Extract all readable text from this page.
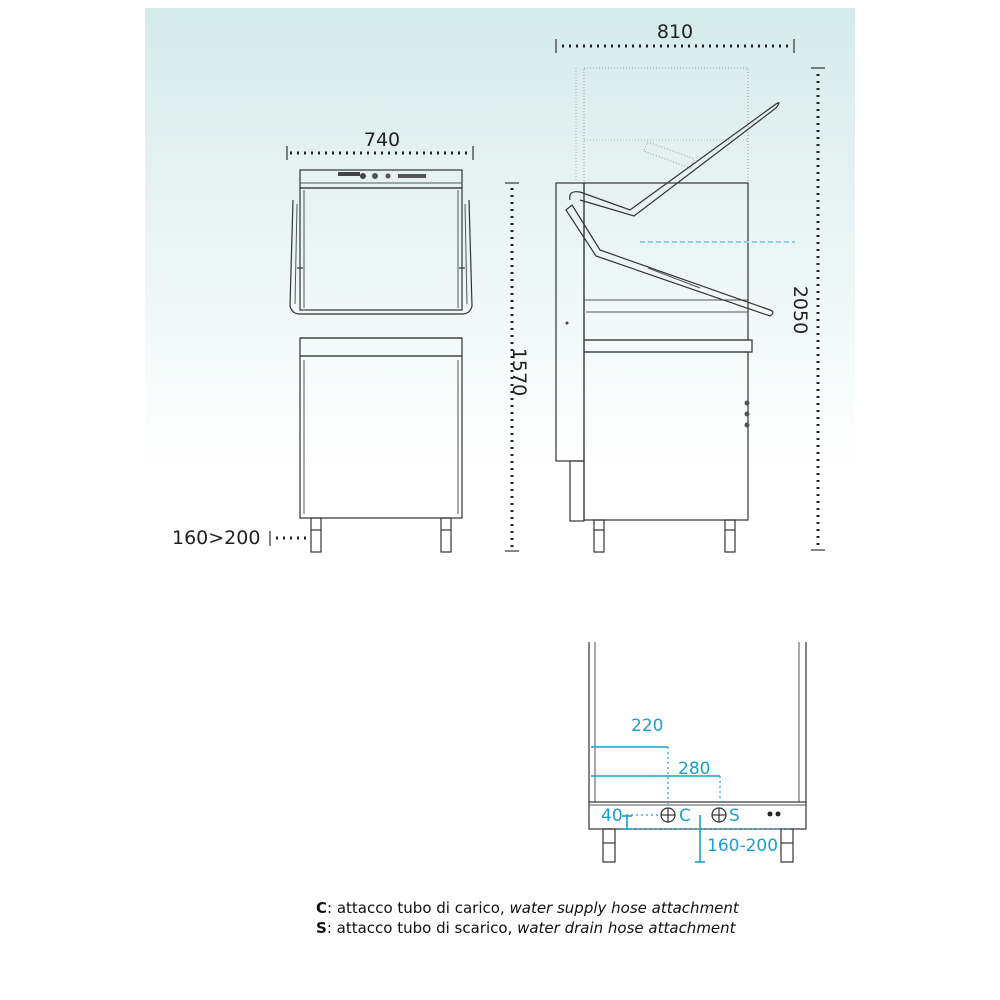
740
160>200
1570
810
2050
220
280
C S
40
160-200
C: attacco tubo di carico, water supply hose attachment
S: attacco tubo di scarico, water drain hose attachment
